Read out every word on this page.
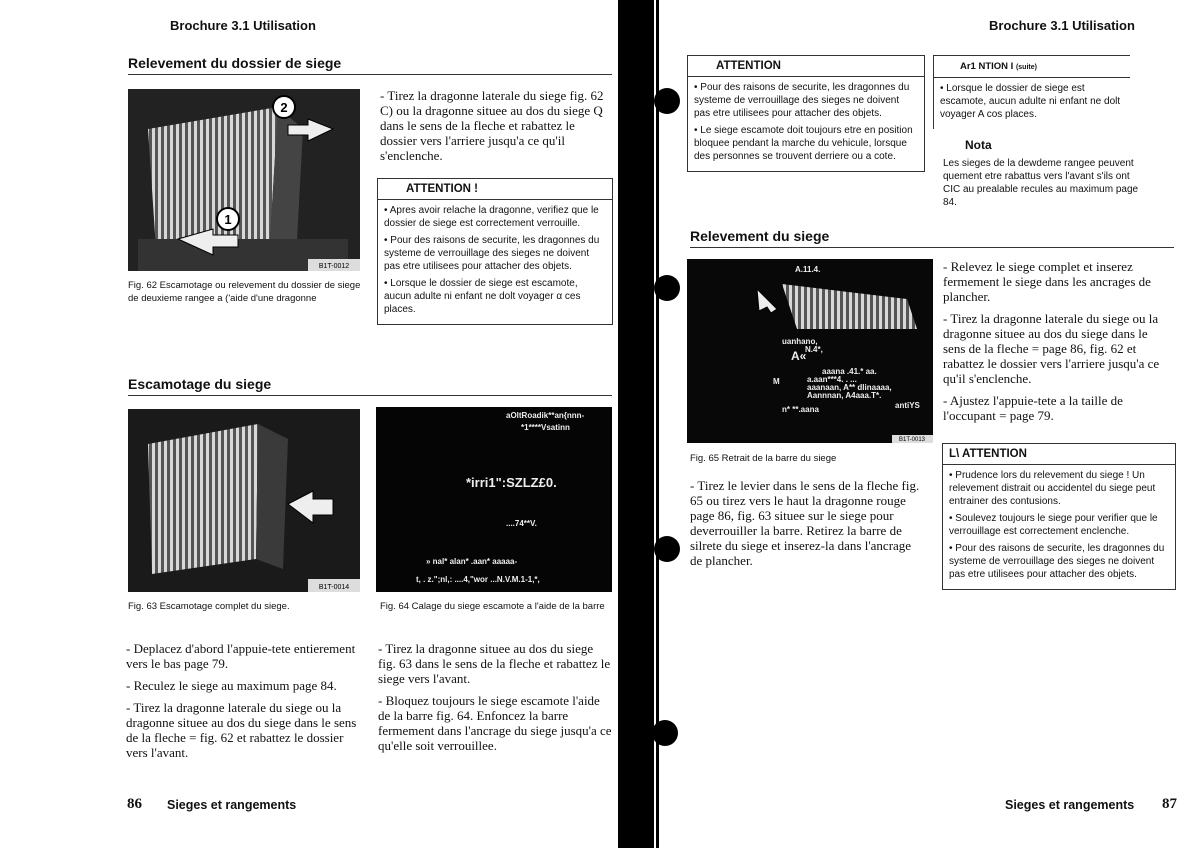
Brochure 3.1 Utilisation
Relevement du dossier de siege
1
2
B1T-0012
Fig. 62 Escamotage ou relevement du dossier de siege de deuxieme rangee a ('aide d'une dragonne
- Tirez la dragonne laterale du siege fig. 62 C) ou la dragonne situee au dos du siege Q dans le sens de la fleche et rabattez le dossier vers l'arriere jusqu'a ce qu'il s'enclenche.
ATTENTION !
• Apres avoir relache la dragonne, verifiez que le dossier de siege est correctement verrouille.
• Pour des raisons de securite, les dragonnes du systeme de verrouillage des sieges ne doivent pas etre utilisees pour attacher des objets.
• Lorsque le dossier de siege est escamote, aucun adulte ni enfant ne dolt voyager α ces places.
Escamotage du siege
B1T-0014
Fig. 63 Escamotage complet du siege.
aOltRoadik**an{nnn-
*1****Vsatinn
*irri1":SZLZ£0.
....74**V.
» nal* alan* .aan* aaaaa-
t, . z.";nl,: ....4,"wor ...N.V.M.1-1,*,
Fig. 64 Calage du siege escamote a l'aide de la barre

- Deplacez d'abord l'appuie-tete entierement vers le bas page 79.

- Reculez le siege au maximum page 84.

- Tirez la dragonne laterale du siege ou la dragonne situee au dos du siege dans le sens de la fleche = fig. 62 et rabattez le dossier vers l'avant.

- Tirez la dragonne situee au dos du siege fig. 63 dans le sens de la fleche et rabattez le siege vers l'avant.

- Bloquez toujours le siege escamote l'aide de la barre fig. 64. Enfoncez la barre fermement dans l'ancrage du siege jusqu'a ce qu'elle soit verrouillee.

86 Sieges et rangements
Brochure 3.1 Utilisation
ATTENTION
• Pour des raisons de securite, les dragonnes du systeme de verrouillage des sieges ne doivent pas etre utilisees pour attacher des objets.
• Le siege escamote doit toujours etre en position bloquee pendant la marche du vehicule, lorsque des personnes se trouvent derriere ou a cote.
Ar1 NTION I (suite)
• Lorsque le dossier de siege est escamote, aucun adulte ni enfant ne dolt voyager A cos places.
Nota
Les sieges de la dewdeme rangee peuvent quement etre rabattus vers l'avant s'ils ont CIC au prealable recules au maximum page 84.
Relevement du siege
B1T-0013
A.11.4.
uanhano,
N.4*,
A«
aaana .41.* aa.
a.aan***4. . ...
aaanaan, A** dlinaaaa,
Aannnan, A4aaa.T*.
M
antiYS
n* **.aana
Fig. 65 Retrait de la barre du siege

- Relevez le siege complet et inserez fermement le siege dans les ancrages de plancher.

- Tirez la dragonne laterale du siege ou la dragonne situee au dos du siege dans le sens de la fleche = page 86, fig. 62 et rabattez le dossier vers l'arriere jusqu'a ce qu'il s'enclenche.

- Ajustez l'appuie-tete a la taille de l'occupant = page 79.

- Tirez le levier dans le sens de la fleche fig. 65 ou tirez vers le haut la dragonne rouge page 86, fig. 63 situee sur le siege pour deverrouiller la barre. Retirez la barre de silrete du siege et inserez-la dans l'ancrage de plancher.
L\ ATTENTION
• Prudence lors du relevement du siege ! Un relevement distrait ou accidentel du siege peut entrainer des contusions.
• Soulevez toujours le siege pour verifier que le verrouillage est correctement enclenche.
• Pour des raisons de securite, les dragonnes du systeme de verrouillage des sieges ne doivent pas etre utilisees pour attacher des objets.
Sieges et rangements 87
